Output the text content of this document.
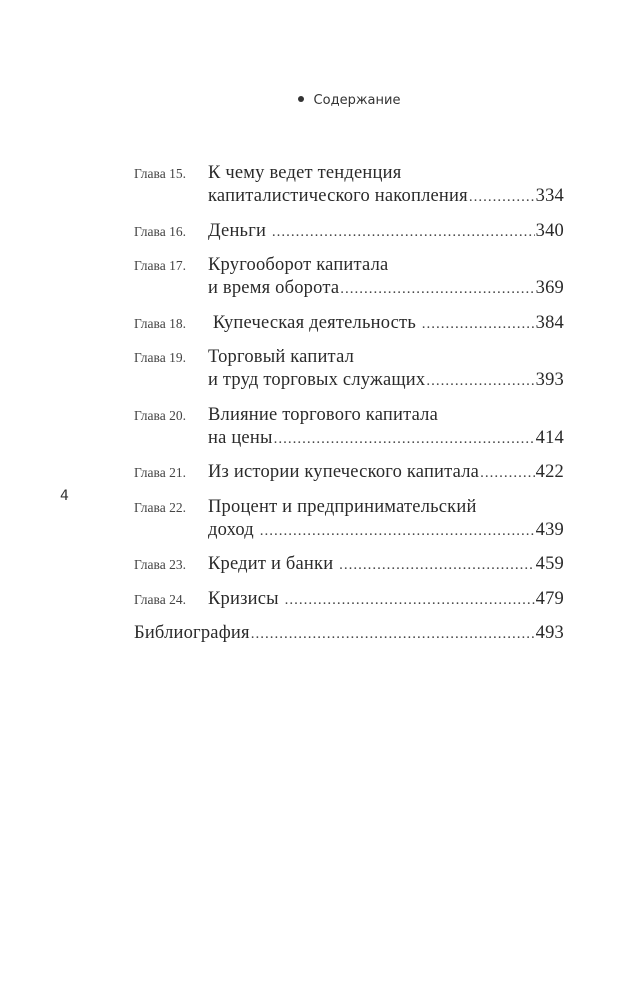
Содержание
4
Глава 15.	К чему ведет тенденция
капиталистического накопления .....	334
Глава 16.	Деньги .....	340
Глава 17.	Кругооборот капитала
и время оборота .....	369
Глава 18.	Купеческая деятельность .....	384
Глава 19.	Торговый капитал
и труд торговых служащих .....	393
Глава 20.	Влияние торгового капитала
на цены .....	414
Глава 21.	Из истории купеческого капитала .....	422
Глава 22.	Процент и предпринимательский
доход .....	439
Глава 23.	Кредит и банки .....	459
Глава 24.	Кризисы .....	479
Библиография .....	493
